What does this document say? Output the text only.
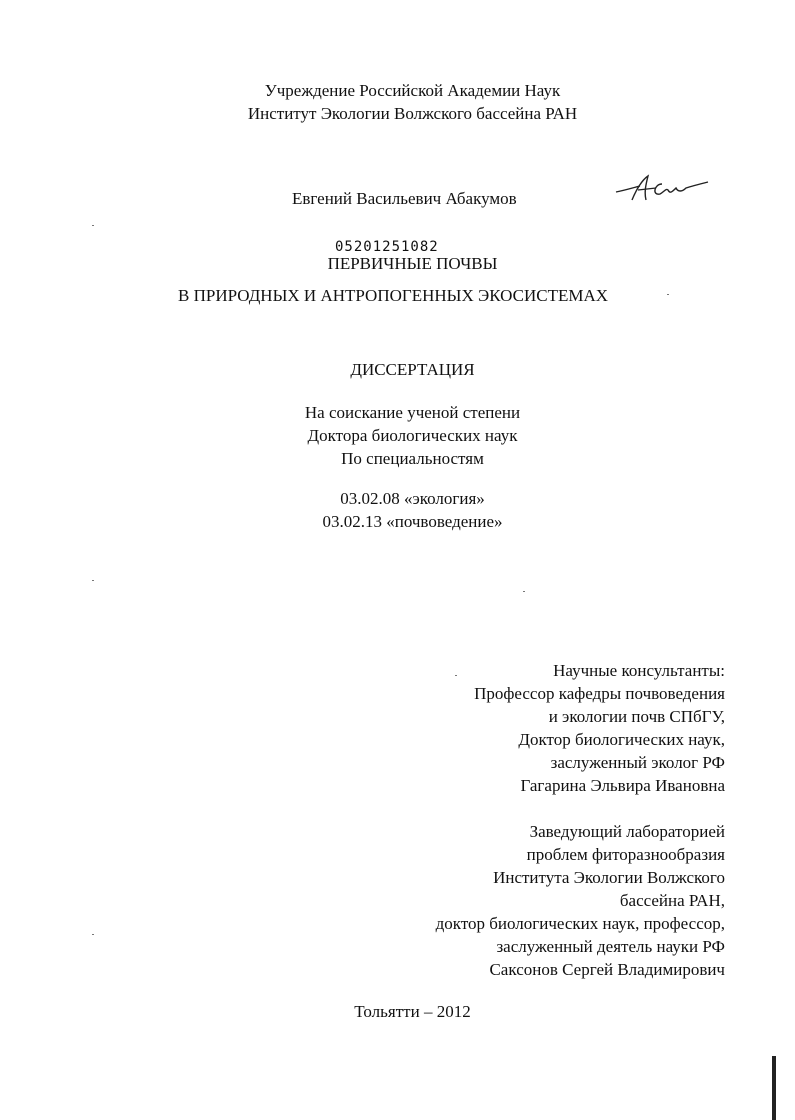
Учреждение Российской Академии Наук
Институт Экологии Волжского бассейна РАН
Евгений Васильевич Абакумов
05201251082
ПЕРВИЧНЫЕ ПОЧВЫ
В ПРИРОДНЫХ И АНТРОПОГЕННЫХ ЭКОСИСТЕМАХ
ДИССЕРТАЦИЯ
На соискание ученой степени
Доктора биологических наук
По специальностям
03.02.08 «экология»
03.02.13 «почвоведение»
Научные консультанты:
Профессор кафедры почвоведения
и экологии почв СПбГУ,
Доктор биологических наук,
заслуженный эколог РФ
Гагарина Эльвира Ивановна
Заведующий лабораторией
проблем фиторазнообразия
Института Экологии Волжского
бассейна РАН,
доктор биологических наук, профессор,
заслуженный деятель науки РФ
Саксонов Сергей Владимирович
Тольятти – 2012
